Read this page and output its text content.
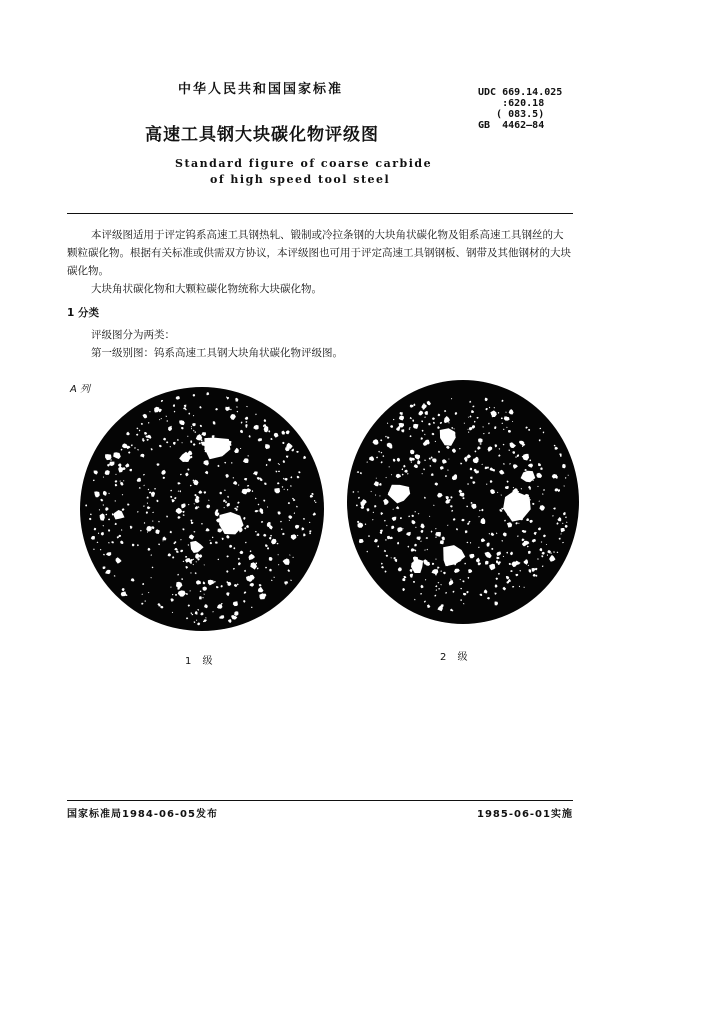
中华人民共和国国家标准
高速工具钢大块碳化物评级图
Standard figure of coarse carbide
of high speed tool steel
UDC 669.14.025
:620.18
( 083.5)
GB  4462—84

本评级图适用于评定钨系高速工具钢热轧、锻制或冷拉条钢的大块角状碳化物及钼系高速工具钢丝的大颗粒碳化物。根据有关标准或供需双方协议，本评级图也可用于评定高速工具钢钢板、钢带及其他钢材的大块碳化物。

大块角状碳化物和大颗粒碳化物统称大块碳化物。

1 分类

评级图分为两类：

第一级别图：钨系高速工具钢大块角状碳化物评级图。

A 列
1 级	2 级
国家标准局1984-06-05发布	1985-06-01实施
